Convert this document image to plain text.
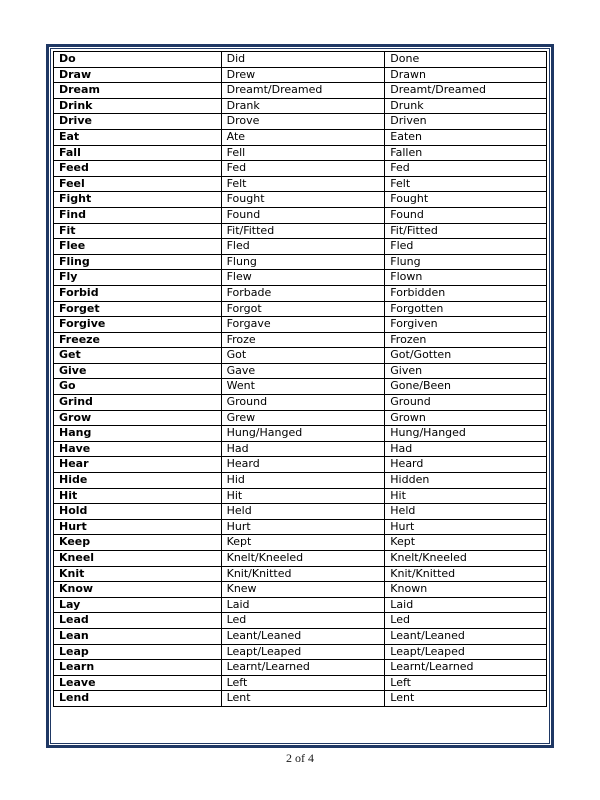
Do	Did	Done
Draw	Drew	Drawn
Dream	Dreamt/Dreamed	Dreamt/Dreamed
Drink	Drank	Drunk
Drive	Drove	Driven
Eat	Ate	Eaten
Fall	Fell	Fallen
Feed	Fed	Fed
Feel	Felt	Felt
Fight	Fought	Fought
Find	Found	Found
Fit	Fit/Fitted	Fit/Fitted
Flee	Fled	Fled
Fling	Flung	Flung
Fly	Flew	Flown
Forbid	Forbade	Forbidden
Forget	Forgot	Forgotten
Forgive	Forgave	Forgiven
Freeze	Froze	Frozen
Get	Got	Got/Gotten
Give	Gave	Given
Go	Went	Gone/Been
Grind	Ground	Ground
Grow	Grew	Grown
Hang	Hung/Hanged	Hung/Hanged
Have	Had	Had
Hear	Heard	Heard
Hide	Hid	Hidden
Hit	Hit	Hit
Hold	Held	Held
Hurt	Hurt	Hurt
Keep	Kept	Kept
Kneel	Knelt/Kneeled	Knelt/Kneeled
Knit	Knit/Knitted	Knit/Knitted
Know	Knew	Known
Lay	Laid	Laid
Lead	Led	Led
Lean	Leant/Leaned	Leant/Leaned
Leap	Leapt/Leaped	Leapt/Leaped
Learn	Learnt/Learned	Learnt/Learned
Leave	Left	Left
Lend	Lent	Lent
2 of 4
